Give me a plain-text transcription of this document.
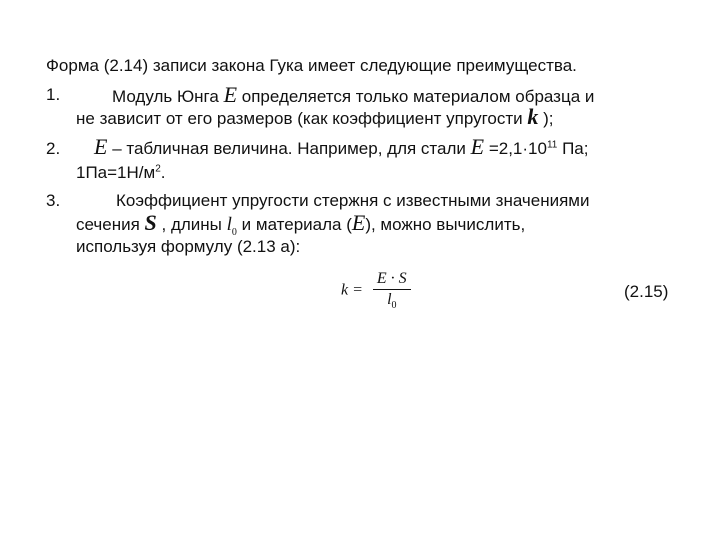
Форма (2.14) записи закона Гука имеет следующие преимущества.
1.	Модуль Юнга E определяется только материалом образца и
не зависит от его размеров (как коэффициент упругости k );
2. E – табличная величина. Например, для стали $E =2,1\cdot 10^{11}$ Па;
$1Па=1Н/м^2$.
3.	Коэффициент упругости стержня с известными значениями
сечения S , длины $l_0$ и материала (E), можно вычислить,
используя формулу (2.13 а):
$k = \frac{E \cdot S}{l_0}$	(2.15)
